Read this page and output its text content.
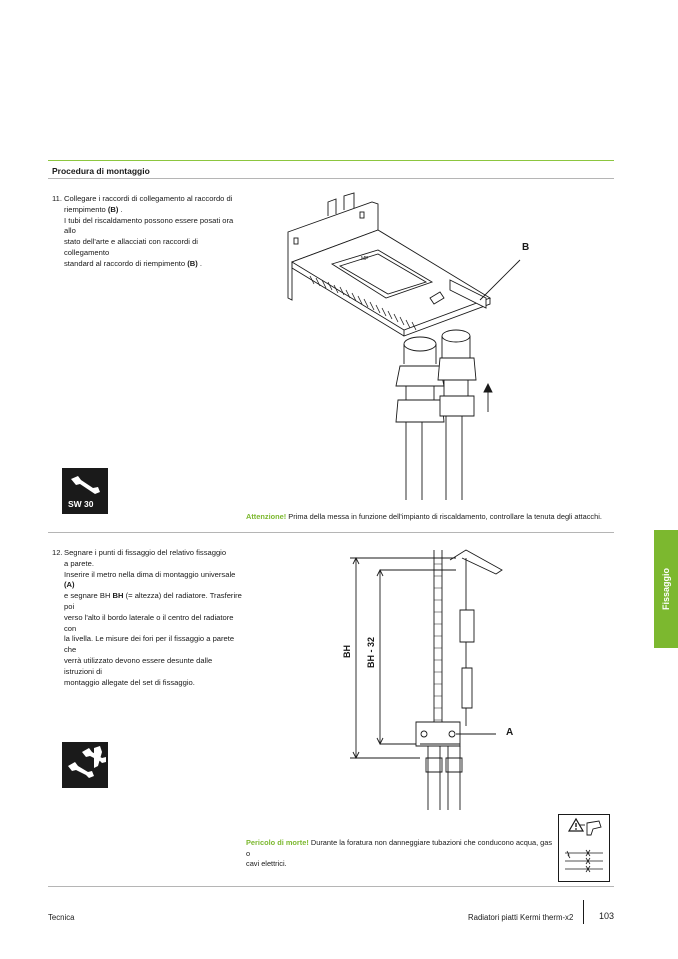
Procedura di montaggio
11. Collegare i raccordi di collegamento al raccordo di

riempimento (B) .

I tubi del riscaldamento possono essere posati ora allo

stato dell'arte e allacciati con raccordi di collegamento

standard al raccordo di riempimento (B) .	MP
B
SW 30
Attenzione! Prima della messa in funzione dell'impianto di riscaldamento, controllare la tenuta degli attacchi.
12. Segnare i punti di fissaggio del relativo fissaggio

a parete.

Inserire il metro nella dima di montaggio universale (A)

e segnare BH BH (= altezza) del radiatore. Trasferire poi

verso l'alto il bordo laterale o il centro del radiatore con

la livella. Le misure dei fori per il fissaggio a parete che

verrà utilizzato devono essere desunte dalle istruzioni di

montaggio allegate del set di fissaggio.

BH BH - 32
A
Pericolo di morte! Durante la foratura non danneggiare tubazioni che conducono acqua, gas o
cavi elettrici.
Fissaggio
Tecnica	Radiatori piatti Kermi therm-x2	103
